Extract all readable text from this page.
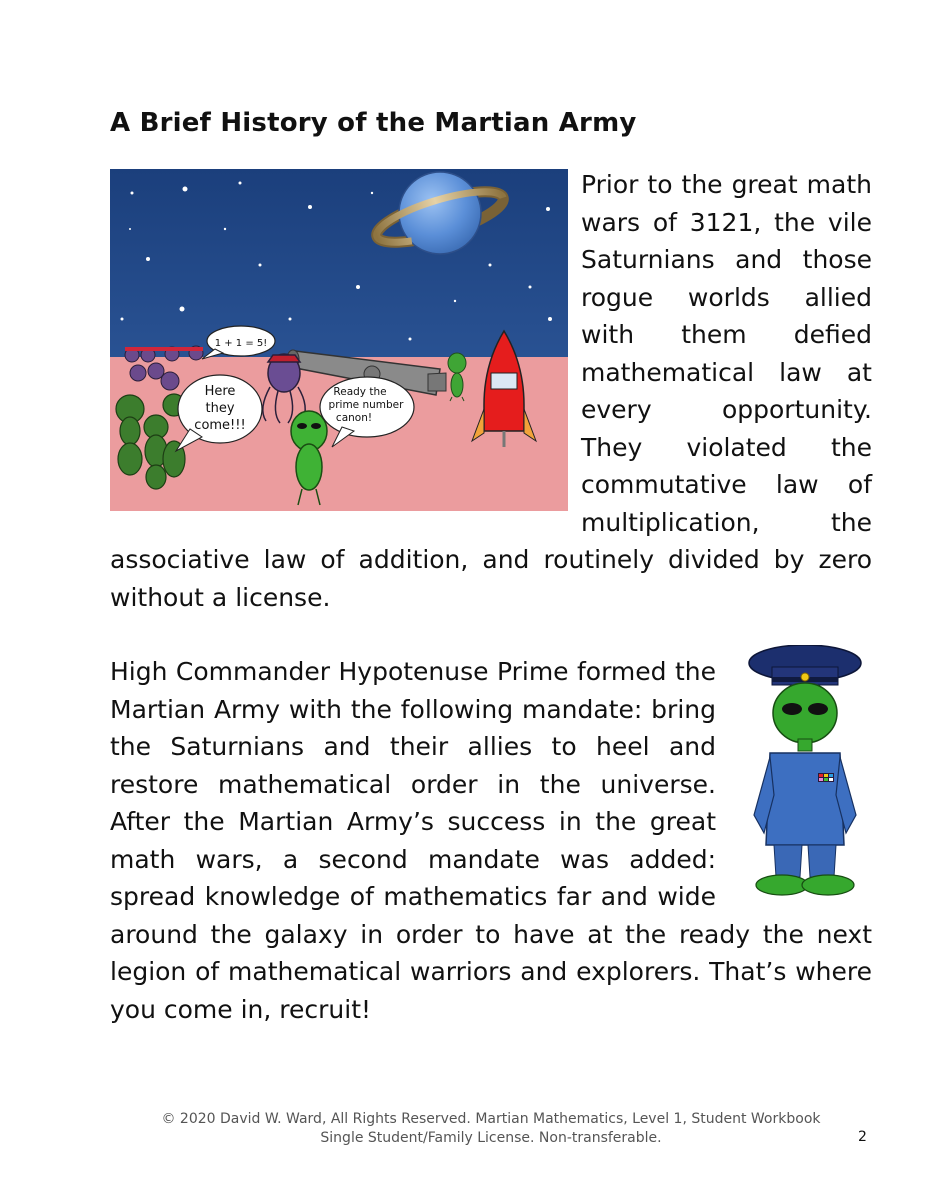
A Brief History of the Martian Army
1 + 1 = 5!
Here
they
come!!!
Ready the
prime number
canon!

Prior to the great math wars of 3121, the vile Saturnians and those rogue worlds allied with them defied mathematical law at every opportunity. They violated the commutative law of multiplication, the associative law of addition, and routinely divided by zero without a license.

High Commander Hypotenuse Prime formed the Martian Army with the following mandate: bring the Saturnians and their allies to heel and restore mathematical order in the universe. After the Martian Army’s success in the great math wars, a second mandate was added: spread knowledge of mathematics far and wide around the galaxy in order to have at the ready the next legion of mathematical warriors and explorers. That’s where you come in, recruit!

© 2020 David W. Ward, All Rights Reserved. Martian Mathematics, Level 1, Student Workbook
Single Student/Family License. Non-transferable.	2
